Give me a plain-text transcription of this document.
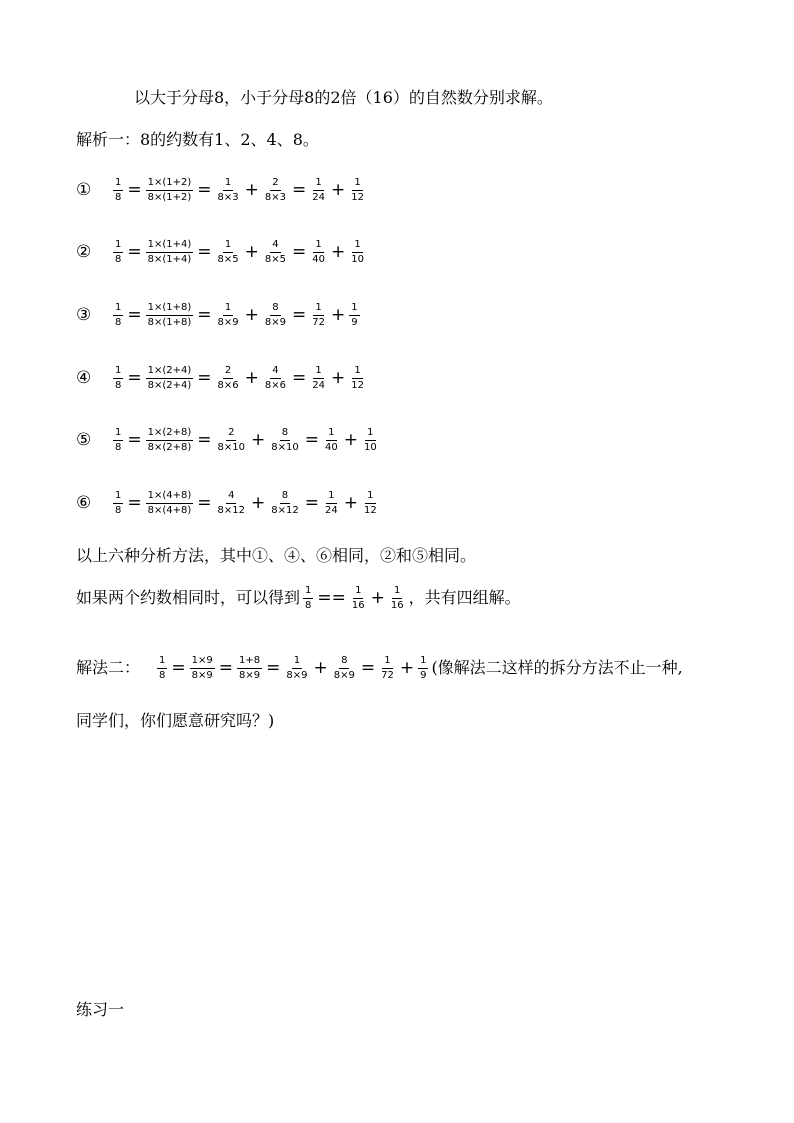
以大于分母8，小于分母8的2倍（16）的自然数分别求解。
解析一：8的约数有1、2、4、8。
①	$\frac{1}{8} = \frac{1\times(1+2)}{8\times(1+2)} = \frac{1}{8\times 3} + \frac{2}{8\times 3} = \frac{1}{24} + \frac{1}{12}$
②	$\frac{1}{8} = \frac{1\times(1+4)}{8\times(1+4)} = \frac{1}{8\times 5} + \frac{4}{8\times 5} = \frac{1}{40} + \frac{1}{10}$
③	$\frac{1}{8} = \frac{1\times(1+8)}{8\times(1+8)} = \frac{1}{8\times 9} + \frac{8}{8\times 9} = \frac{1}{72} + \frac{1}{9}$
④	$\frac{1}{8} = \frac{1\times(2+4)}{8\times(2+4)} = \frac{2}{8\times 6} + \frac{4}{8\times 6} = \frac{1}{24} + \frac{1}{12}$
⑤	$\frac{1}{8} = \frac{1\times(2+8)}{8\times(2+8)} = \frac{2}{8\times 10} + \frac{8}{8\times 10} = \frac{1}{40} + \frac{1}{10}$
⑥	$\frac{1}{8} = \frac{1\times(4+8)}{8\times(4+8)} = \frac{4}{8\times 12} + \frac{8}{8\times 12} = \frac{1}{24} + \frac{1}{12}$
以上六种分析方法，其中①、④、⑥相同，②和⑤相同。
如果两个约数相同时，可以得到 $\frac{1}{8} == \frac{1}{16} + \frac{1}{16}$ ，共有四组解。
解法二： $\frac{1}{8} = \frac{1\times 9}{8\times 9} = \frac{1+8}{8\times 9} = \frac{1}{8\times 9} + \frac{8}{8\times 9} = \frac{1}{72} + \frac{1}{9}$ (像解法二这样的拆分方法不止一种,
同学们，你们愿意研究吗？)
练习一
